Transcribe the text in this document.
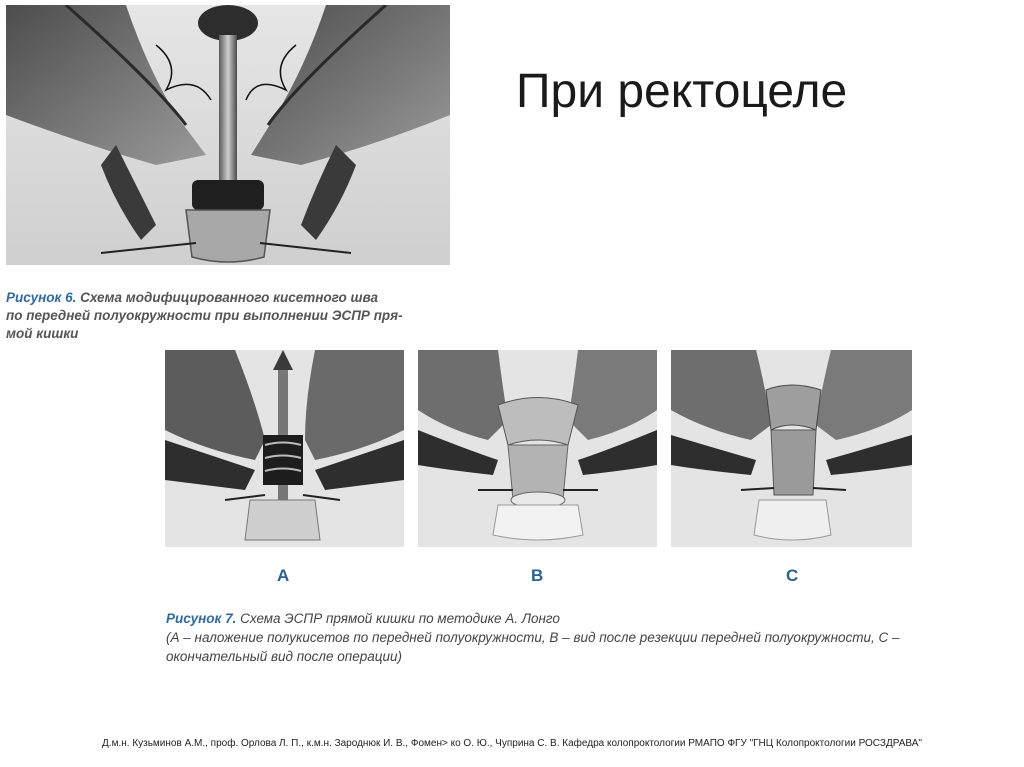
При ректоцеле
Рисунок 6. Схема модифицированного кисетного шва
по передней полуокружности при выполнении ЭСПР пря-
мой кишки
A	B	C
Рисунок 7. Схема ЭСПР прямой кишки по методике А. Лонго
(А – наложение полукисетов по передней полуокружности, В – вид после резекции передней полуокружности, С –
окончательный вид после операции)
Д.м.н. Кузьминов А.М., проф. Орлова Л. П., к.м.н. Зароднюк И. В., Фомен> ко О. Ю., Чуприна С. В. Кафедра колопроктологии РМАПО ФГУ "ГНЦ Колопроктологии РОСЗДРАВА"
